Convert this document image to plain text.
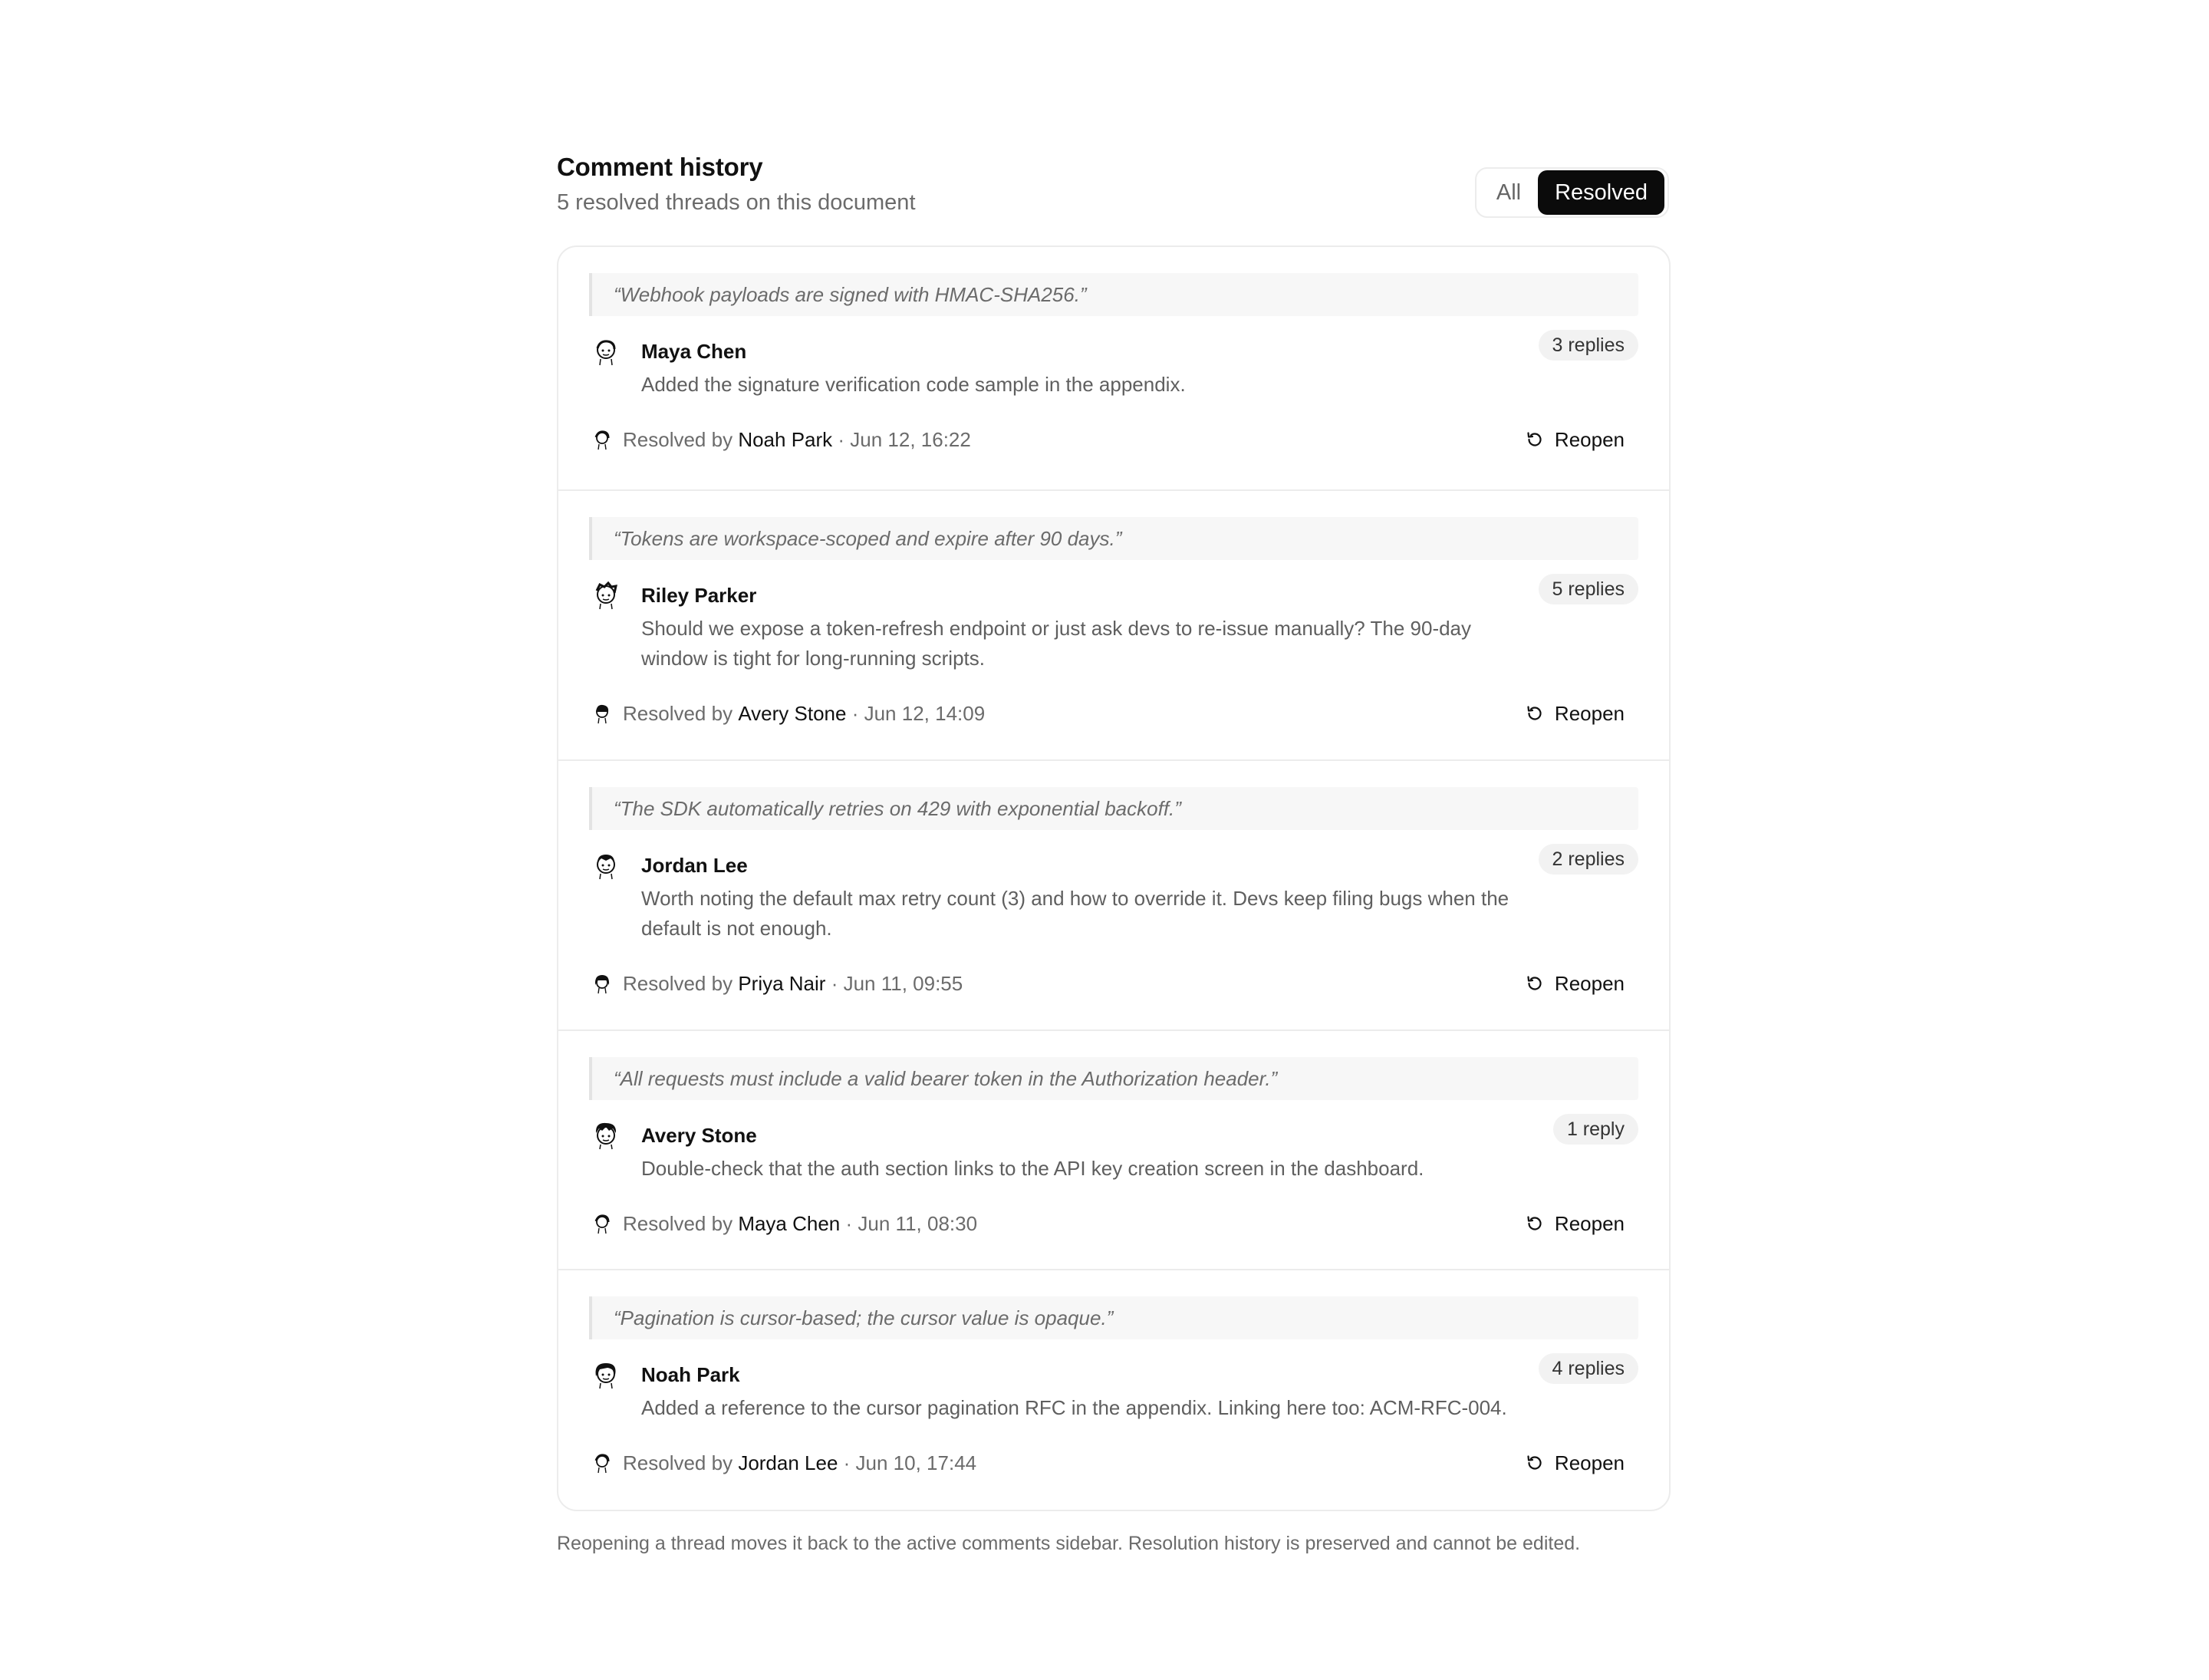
Comment history
5 resolved threads on this document	All	Resolved
“Webhook payloads are signed with HMAC-SHA256.”
Maya Chen
Added the signature verification code sample in the appendix.
3 replies
Resolved by Noah Park · Jun 12, 16:22	Reopen
“Tokens are workspace-scoped and expire after 90 days.”
Riley Parker
Should we expose a token-refresh endpoint or just ask devs to re-issue manually? The 90-day window is tight for long-running scripts.
5 replies
Resolved by Avery Stone · Jun 12, 14:09	Reopen
“The SDK automatically retries on 429 with exponential backoff.”
Jordan Lee
Worth noting the default max retry count (3) and how to override it. Devs keep filing bugs when the default is not enough.
2 replies
Resolved by Priya Nair · Jun 11, 09:55	Reopen
“All requests must include a valid bearer token in the Authorization header.”
Avery Stone
Double-check that the auth section links to the API key creation screen in the dashboard.
1 reply
Resolved by Maya Chen · Jun 11, 08:30	Reopen
“Pagination is cursor-based; the cursor value is opaque.”
Noah Park
Added a reference to the cursor pagination RFC in the appendix. Linking here too: ACM-RFC-004.
4 replies
Resolved by Jordan Lee · Jun 10, 17:44	Reopen
Reopening a thread moves it back to the active comments sidebar. Resolution history is preserved and cannot be edited.
